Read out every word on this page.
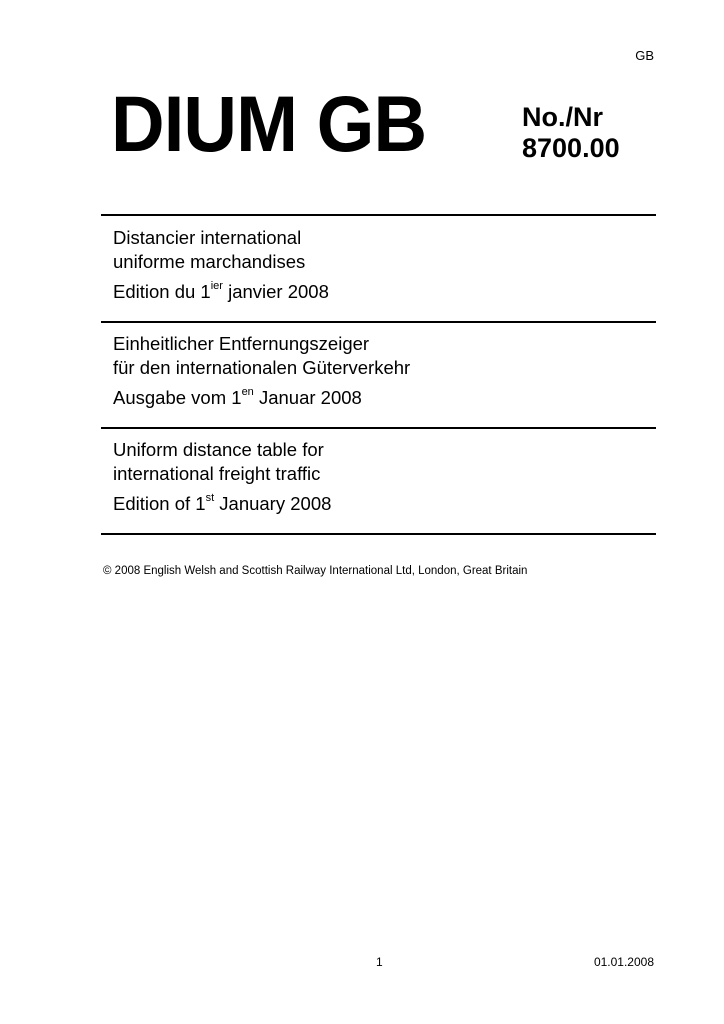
GB
DIUM GB	No./Nr
8700.00
Distancier international
uniforme marchandises
Edition du $1^{ier}$ janvier 2008
Einheitlicher Entfernungszeiger
für den internationalen Güterverkehr
Ausgabe vom $1^{en}$ Januar 2008
Uniform distance table for
international freight traffic
Edition of 1st January 2008
© 2008 English Welsh and Scottish Railway International Ltd, London, Great Britain
1	01.01.2008
